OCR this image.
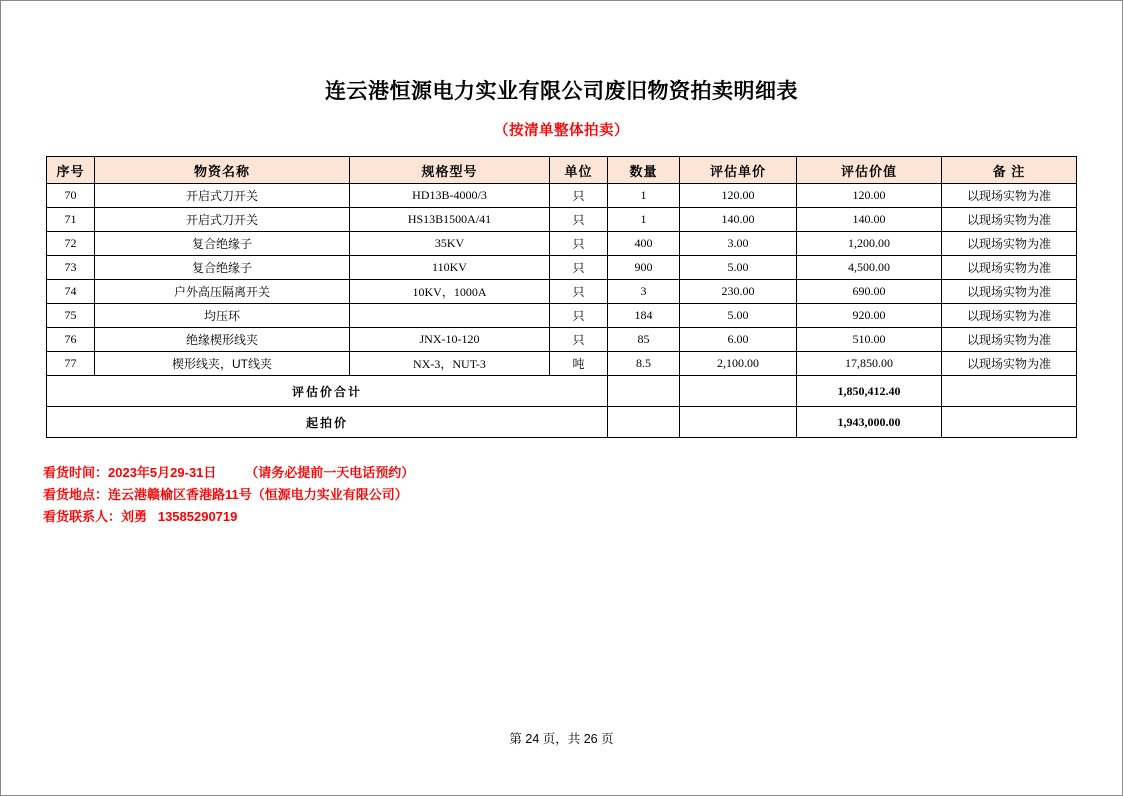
连云港恒源电力实业有限公司废旧物资拍卖明细表
（按清单整体拍卖）
序号	物资名称	规格型号	单位	数量	评估单价	评估价值	备 注
70	开启式刀开关	HD13B-4000/3	只	1	120.00	120.00	以现场实物为准
71	开启式刀开关	HS13B1500A/41	只	1	140.00	140.00	以现场实物为准
72	复合绝缘子	35KV	只	400	3.00	1,200.00	以现场实物为准
73	复合绝缘子	110KV	只	900	5.00	4,500.00	以现场实物为准
74	户外高压隔离开关	10KV，1000A	只	3	230.00	690.00	以现场实物为准
75	均压环		只	184	5.00	920.00	以现场实物为准
76	绝缘楔形线夹	JNX-10-120	只	85	6.00	510.00	以现场实物为准
77	楔形线夹，UT线夹	NX-3，NUT-3	吨	8.5	2,100.00	17,850.00	以现场实物为准
评估价合计						1,850,412.40	
起拍价						1,943,000.00	
看货时间：2023年5月29-31日        （请务必提前一天电话预约）
看货地点：连云港赣榆区香港路11号（恒源电力实业有限公司）
看货联系人：刘勇   13585290719
第 24 页，共 26 页
